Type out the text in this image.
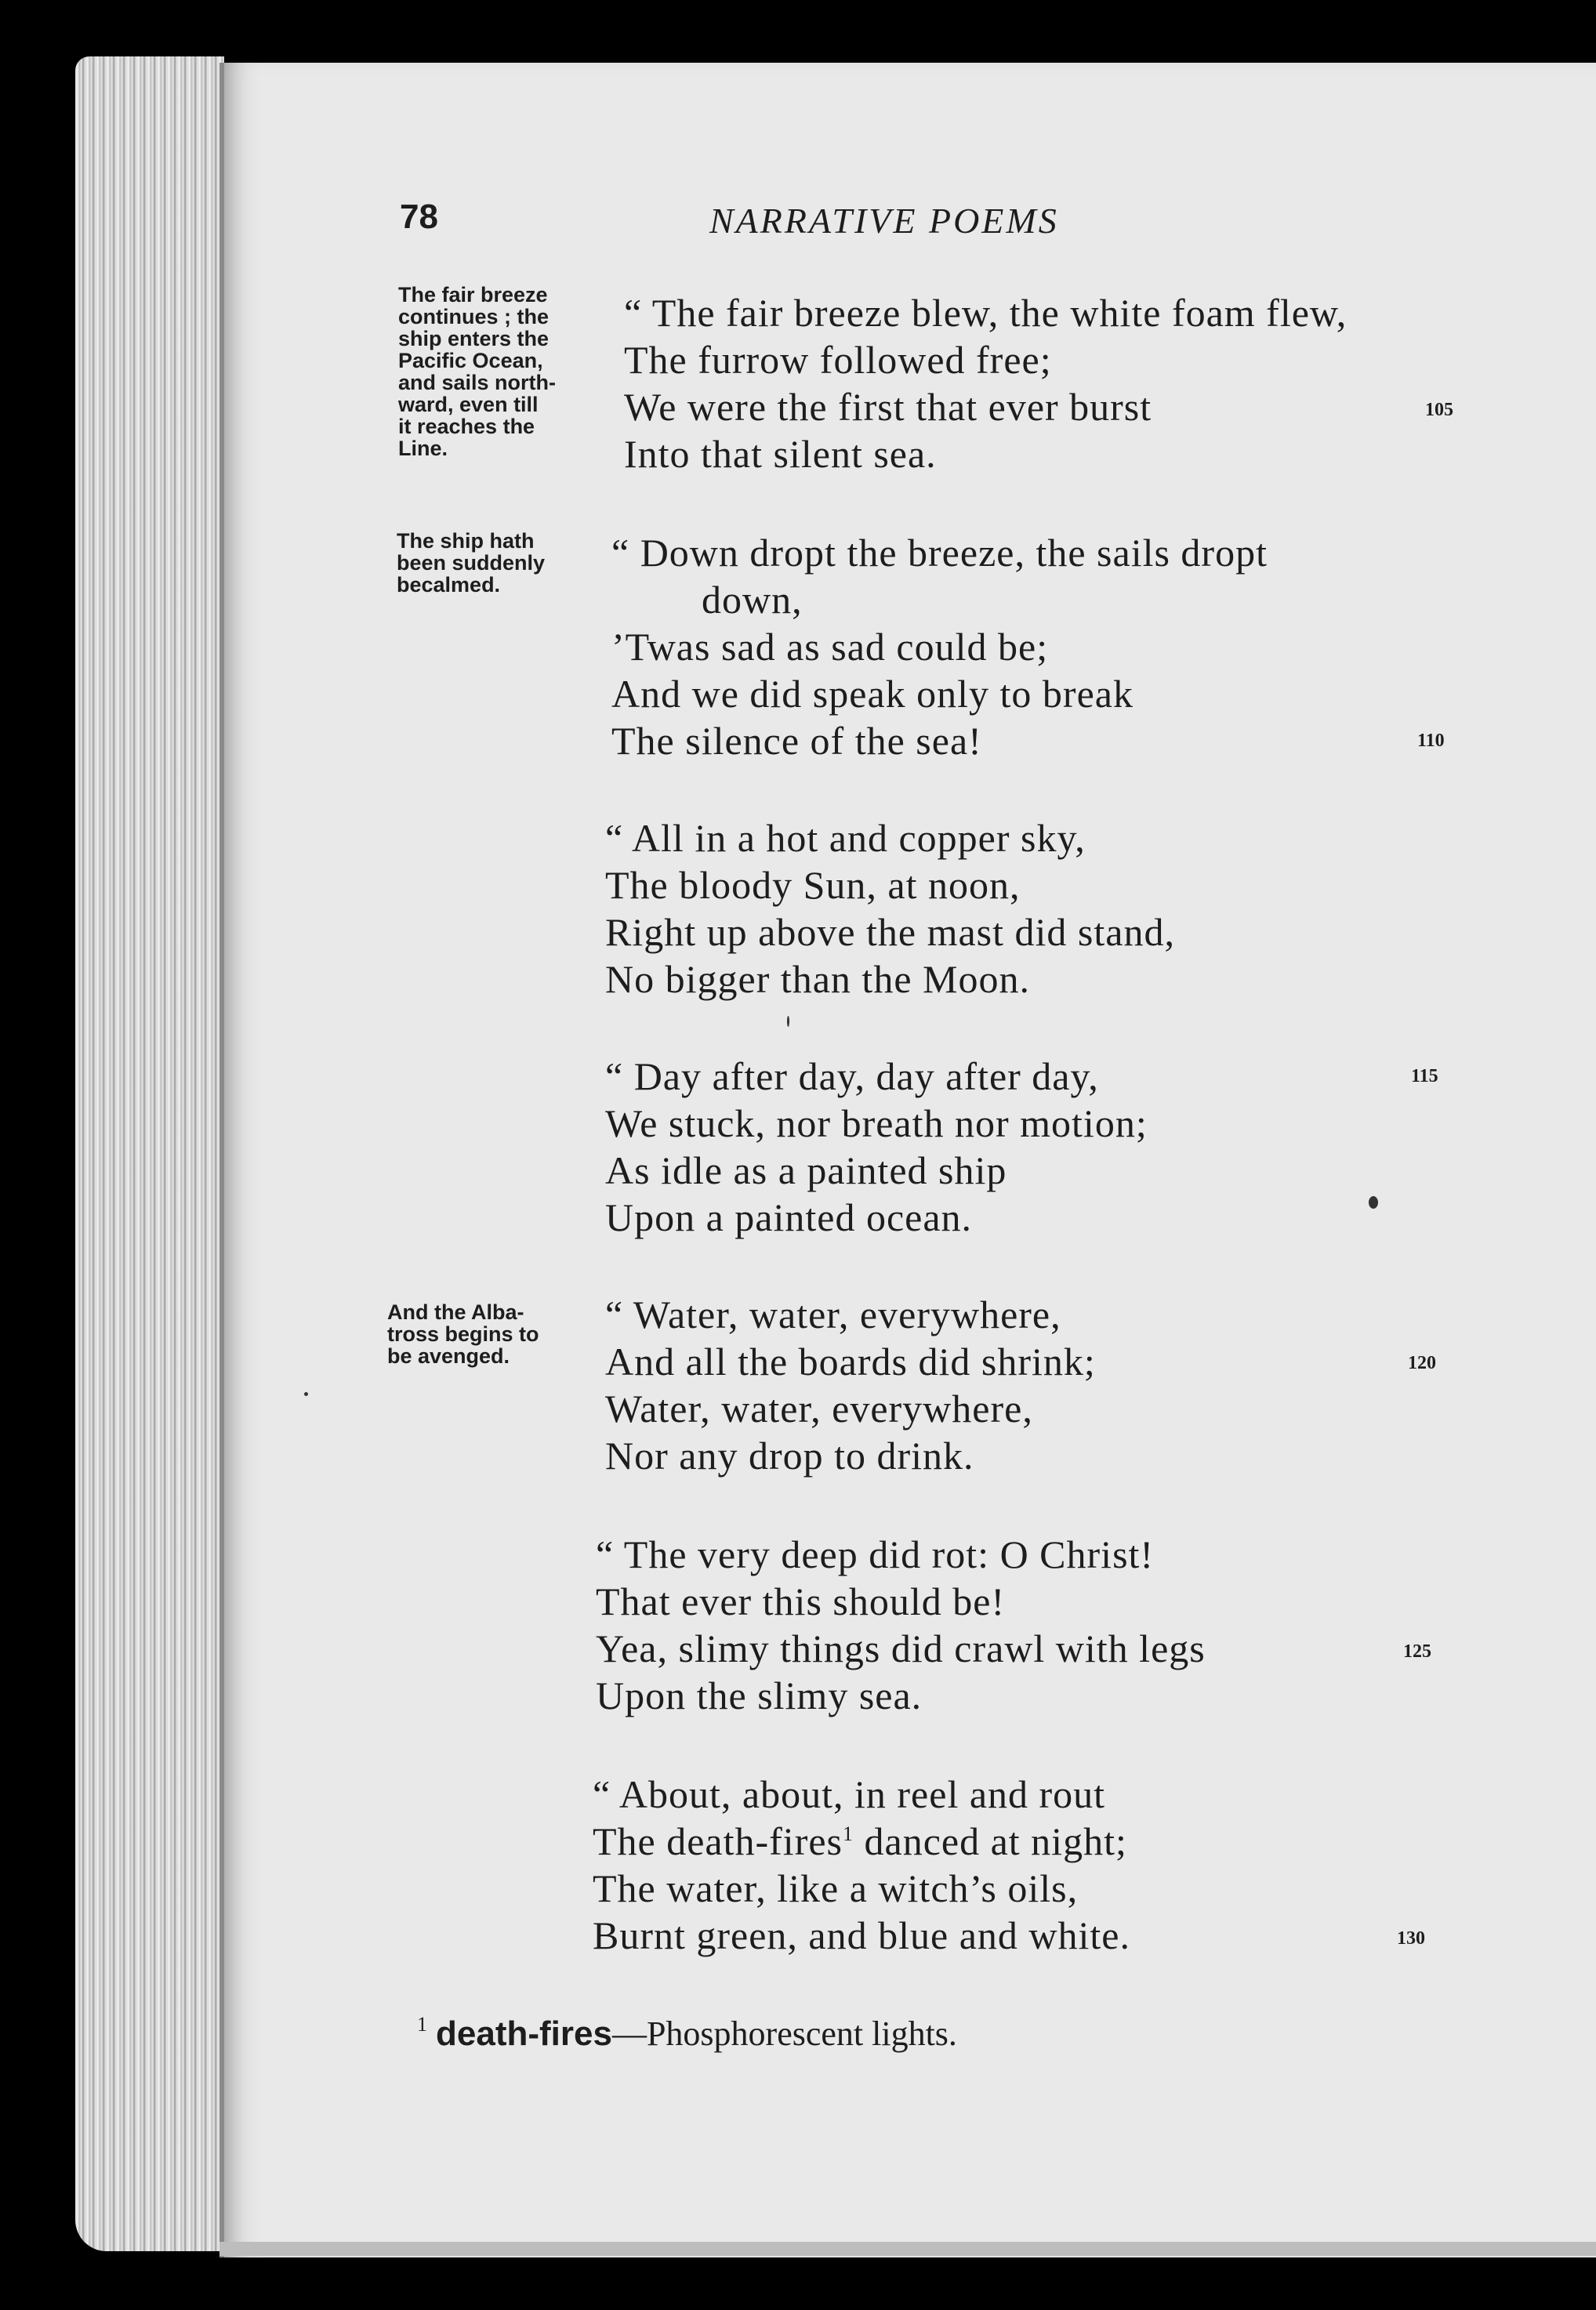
78	NARRATIVE POEMS
The fair breeze
continues ; the
ship enters the
Pacific Ocean,
and sails north-
ward, even till
it reaches the
Line.
The ship hath
been suddenly
becalmed.
And the Alba-
tross begins to
be avenged.
“ The fair breeze blew, the white foam flew,
The furrow followed free;
We were the first that ever burst
Into that silent sea.
“ Down dropt the breeze, the sails dropt
down,
’Twas sad as sad could be;
And we did speak only to break
The silence of the sea!
“ All in a hot and copper sky,
The bloody Sun, at noon,
Right up above the mast did stand,
No bigger than the Moon.
“ Day after day, day after day,
We stuck, nor breath nor motion;
As idle as a painted ship
Upon a painted ocean.
“ Water, water, everywhere,
And all the boards did shrink;
Water, water, everywhere,
Nor any drop to drink.
“ The very deep did rot: O Christ!
That ever this should be!
Yea, slimy things did crawl with legs
Upon the slimy sea.
“ About, about, in reel and rout
The death-fires$^1$ danced at night;
The water, like a witch’s oils,
Burnt green, and blue and white.
105
110
115
120
125
130
$^1$ death-fires—Phosphorescent lights.
